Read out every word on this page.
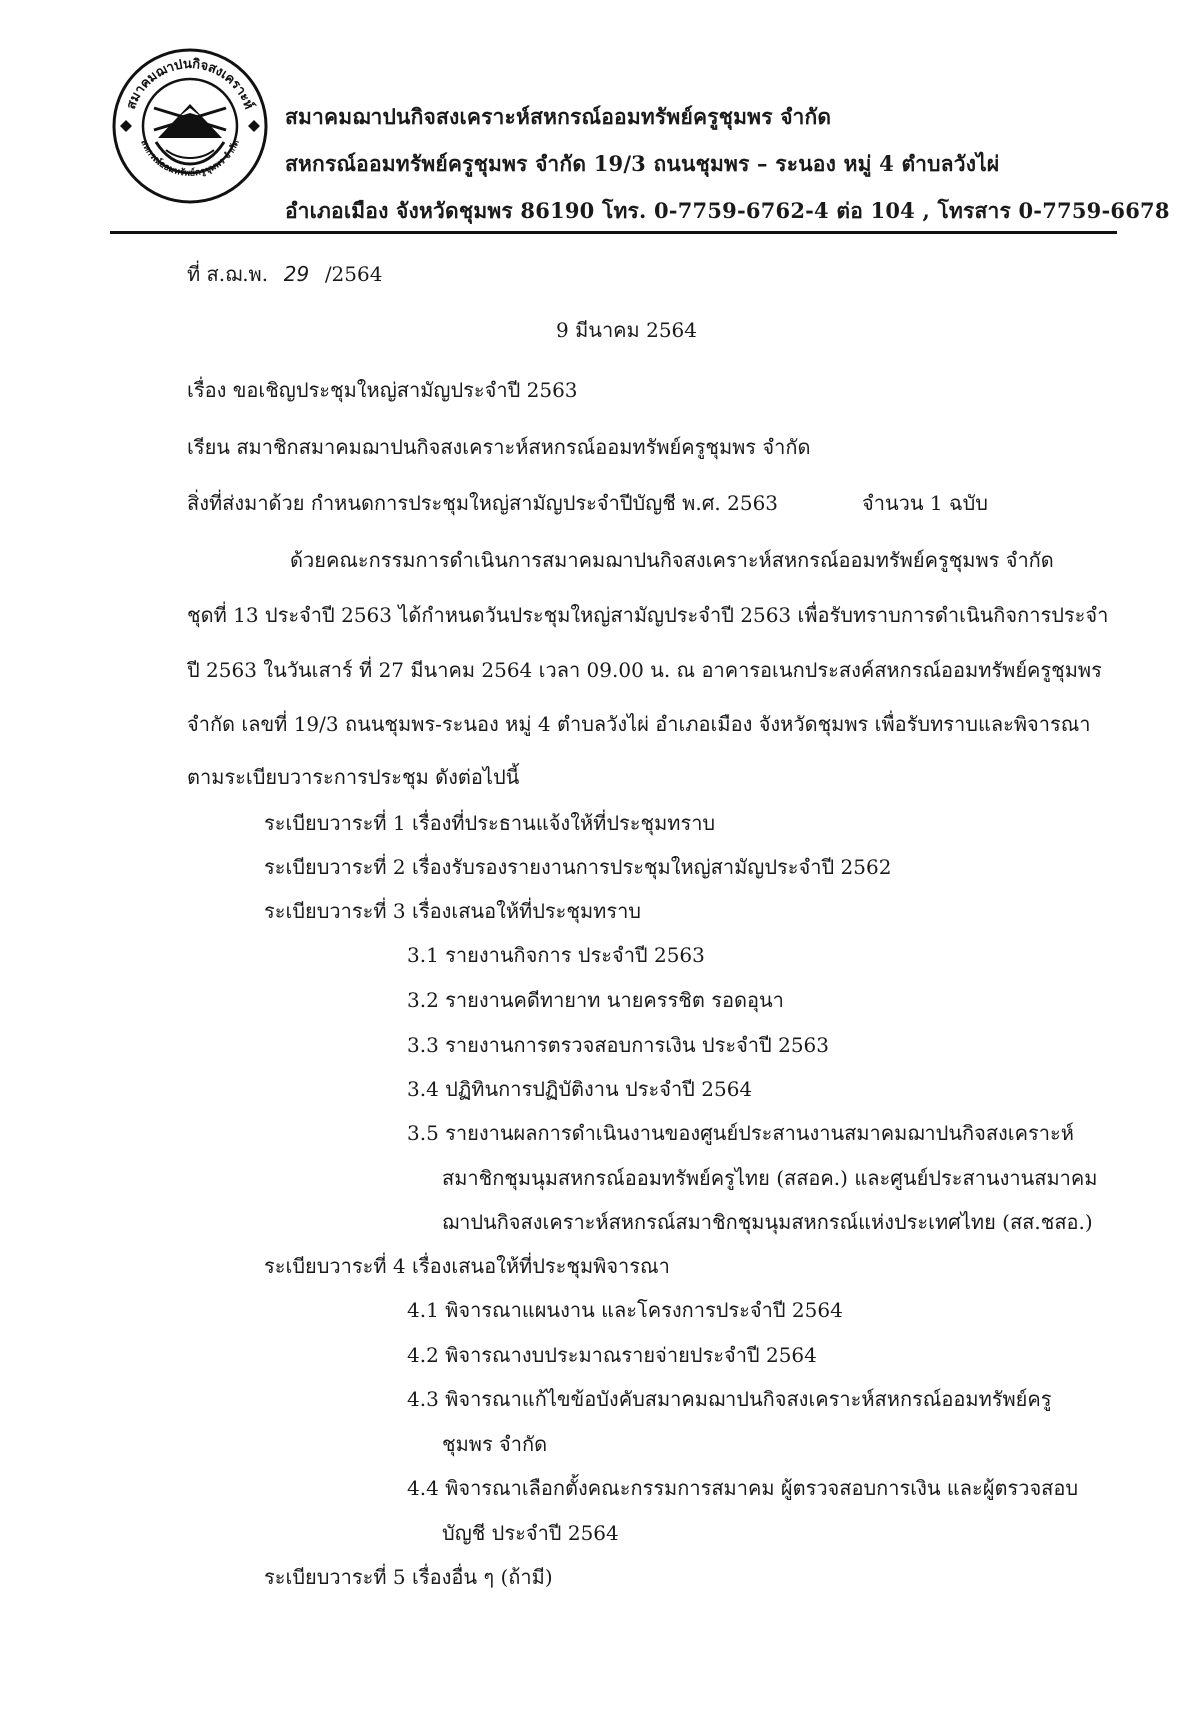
สมาคมฌาปนกิจสงเคราะห์
สหกรณ์ออมทรัพย์ครูชุมพร จำกัด
สมาคมฌาปนกิจสงเคราะห์สหกรณ์ออมทรัพย์ครูชุมพร จำกัด
สหกรณ์ออมทรัพย์ครูชุมพร จำกัด 19/3 ถนนชุมพร – ระนอง หมู่ 4 ตำบลวังไผ่
อำเภอเมือง จังหวัดชุมพร 86190 โทร. 0-7759-6762-4 ต่อ 104 , โทรสาร 0-7759-6678
ที่ ส.ฌ.พ. 29 /2564
9 มีนาคม 2564
เรื่อง ขอเชิญประชุมใหญ่สามัญประจำปี 2563
เรียน สมาชิกสมาคมฌาปนกิจสงเคราะห์สหกรณ์ออมทรัพย์ครูชุมพร จำกัด
สิ่งที่ส่งมาด้วย กำหนดการประชุมใหญ่สามัญประจำปีบัญชี พ.ศ. 2563	จำนวน 1 ฉบับ
ด้วยคณะกรรมการดำเนินการสมาคมฌาปนกิจสงเคราะห์สหกรณ์ออมทรัพย์ครูชุมพร จำกัด
ชุดที่ 13 ประจำปี 2563 ได้กำหนดวันประชุมใหญ่สามัญประจำปี 2563 เพื่อรับทราบการดำเนินกิจการประจำ
ปี 2563 ในวันเสาร์ ที่ 27 มีนาคม 2564 เวลา 09.00 น. ณ อาคารอเนกประสงค์สหกรณ์ออมทรัพย์ครูชุมพร
จำกัด เลขที่ 19/3 ถนนชุมพร-ระนอง หมู่ 4 ตำบลวังไผ่ อำเภอเมือง จังหวัดชุมพร เพื่อรับทราบและพิจารณา
ตามระเบียบวาระการประชุม ดังต่อไปนี้
ระเบียบวาระที่ 1 เรื่องที่ประธานแจ้งให้ที่ประชุมทราบ
ระเบียบวาระที่ 2 เรื่องรับรองรายงานการประชุมใหญ่สามัญประจำปี 2562
ระเบียบวาระที่ 3 เรื่องเสนอให้ที่ประชุมทราบ
3.1 รายงานกิจการ ประจำปี 2563
3.2 รายงานคดีทายาท นายครรชิต รอดอุนา
3.3 รายงานการตรวจสอบการเงิน ประจำปี 2563
3.4 ปฏิทินการปฏิบัติงาน ประจำปี 2564
3.5 รายงานผลการดำเนินงานของศูนย์ประสานงานสมาคมฌาปนกิจสงเคราะห์
สมาชิกชุมนุมสหกรณ์ออมทรัพย์ครูไทย (สสอค.) และศูนย์ประสานงานสมาคม
ฌาปนกิจสงเคราะห์สหกรณ์สมาชิกชุมนุมสหกรณ์แห่งประเทศไทย (สส.ชสอ.)
ระเบียบวาระที่ 4 เรื่องเสนอให้ที่ประชุมพิจารณา
4.1 พิจารณาแผนงาน และโครงการประจำปี 2564
4.2 พิจารณางบประมาณรายจ่ายประจำปี 2564
4.3 พิจารณาแก้ไขข้อบังคับสมาคมฌาปนกิจสงเคราะห์สหกรณ์ออมทรัพย์ครู
ชุมพร จำกัด
4.4 พิจารณาเลือกตั้งคณะกรรมการสมาคม ผู้ตรวจสอบการเงิน และผู้ตรวจสอบ
บัญชี ประจำปี 2564
ระเบียบวาระที่ 5 เรื่องอื่น ๆ (ถ้ามี)
